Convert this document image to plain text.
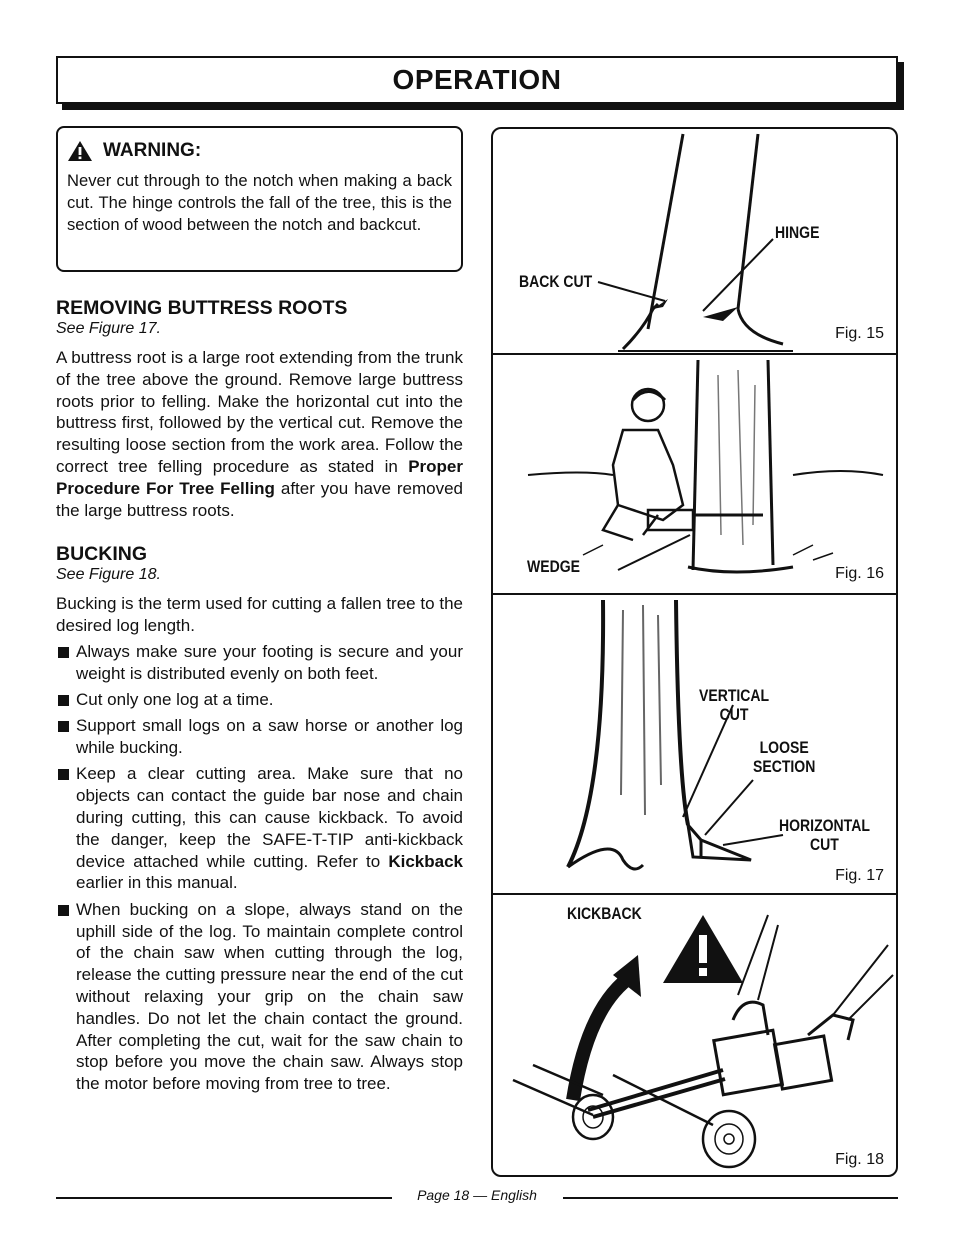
OPERATION
WARNING:

Never cut through to the notch when making a back cut. The hinge controls the fall of the tree, this is the section of wood between the notch and backcut.

REMOVING BUTTRESS ROOTS
See Figure 17.

A buttress root is a large root extending from the trunk of the tree above the ground. Remove large buttress roots prior to felling. Make the horizontal cut into the buttress first, followed by the vertical cut. Remove the resulting loose section from the work area. Follow the correct tree felling procedure as stated in Proper Procedure For Tree Felling after you have removed the large buttress roots.

BUCKING
See Figure 18.

Bucking is the term used for cutting a fallen tree to the desired log length.

Always make sure your footing is secure and your weight is distributed evenly on both feet.
Cut only one log at a time.
Support small logs on a saw horse or another log while bucking.
Keep a clear cutting area. Make sure that no objects can contact the guide bar nose and chain during cutting, this can cause kickback. To avoid the danger, keep the SAFE-T-TIP anti-kickback device attached while cutting. Refer to Kickback earlier in this manual.
When bucking on a slope, always stand on the uphill side of the log. To maintain complete control of the chain saw when cutting through the log, release the cutting pressure near the end of the cut without relaxing your grip on the chain saw handles. Do not let the chain contact the ground. After completing the cut, wait for the saw chain to stop before you move the chain saw. Always stop the motor before moving from tree to tree.
HINGE
BACK CUT
Fig. 15
WEDGE	Fig. 16
VERTICAL
CUT
LOOSE
SECTION
HORIZONTAL
CUT
Fig. 17
KICKBACK
Fig. 18
Page 18 — English
